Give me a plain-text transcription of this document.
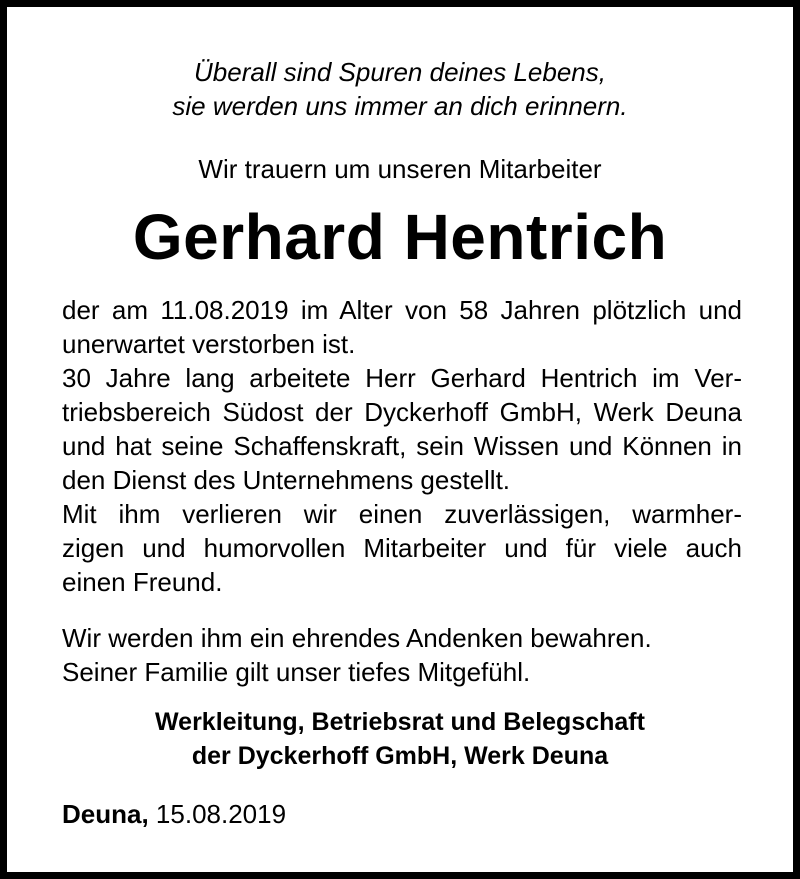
Überall sind Spuren deines Lebens,

sie werden uns immer an dich erinnern.

Wir trauern um unseren Mitarbeiter

Gerhard Hentrich

der am 11.08.2019 im Alter von 58 Jahren plötzlich und

unerwartet verstorben ist.

30 Jahre lang arbeitete Herr Gerhard Hentrich im Ver-

triebsbereich Südost der Dyckerhoff GmbH, Werk Deuna

und hat seine Schaffenskraft, sein Wissen und Können in

den Dienst des Unternehmens gestellt.

Mit ihm verlieren wir einen zuverlässigen, warmher-

zigen und humorvollen Mitarbeiter und für viele auch

einen Freund.

Wir werden ihm ein ehrendes Andenken bewahren.

Seiner Familie gilt unser tiefes Mitgefühl.

Werkleitung, Betriebsrat und Belegschaft

der Dyckerhoff GmbH, Werk Deuna

Deuna, 15.08.2019
